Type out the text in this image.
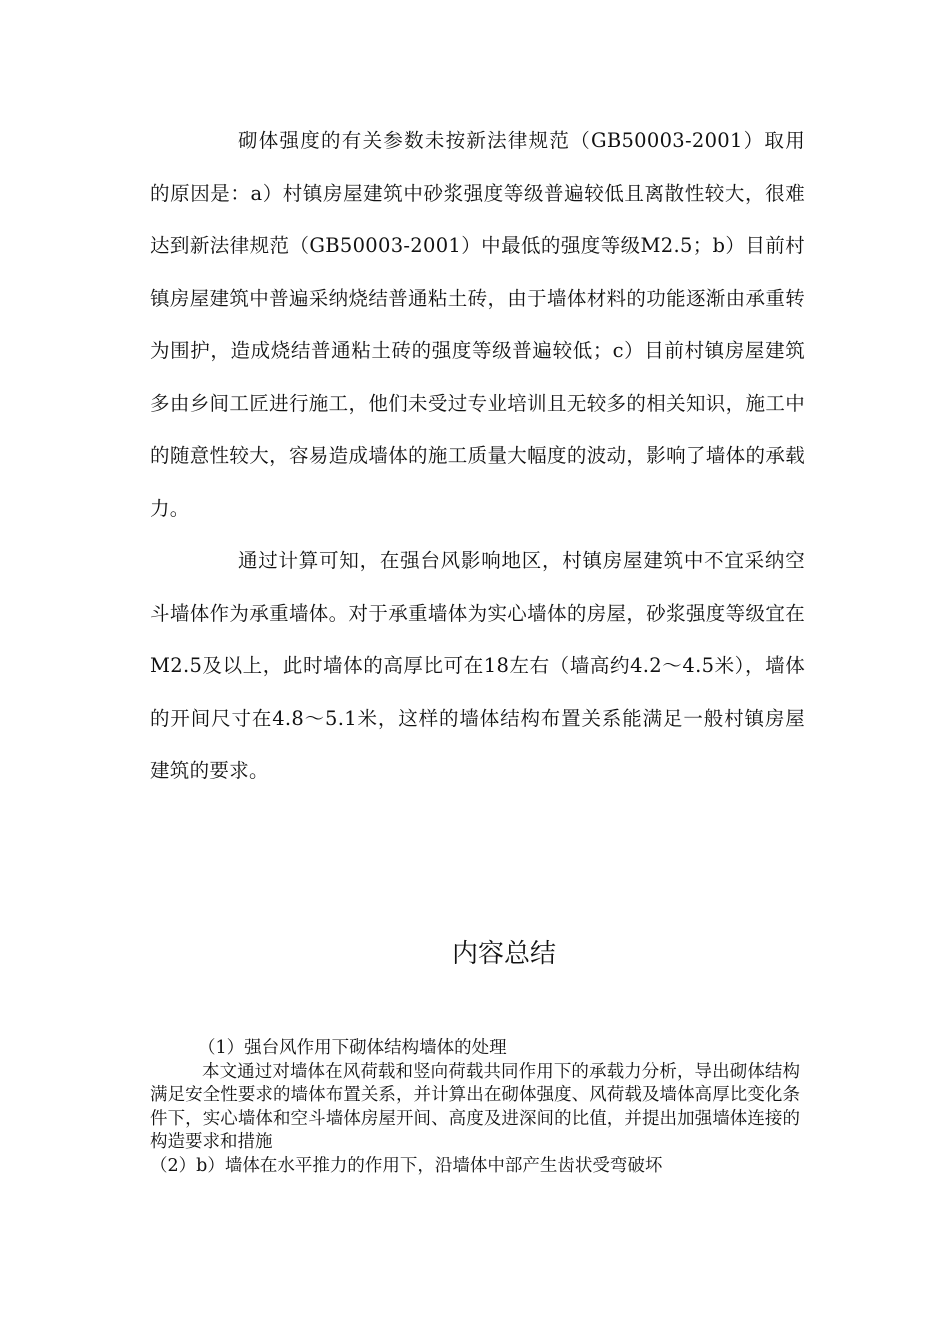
砌体强度的有关参数未按新法律规范（GB50003-2001）取用的原因是：a）村镇房屋建筑中砂浆强度等级普遍较低且离散性较大，很难达到新法律规范（GB50003-2001）中最低的强度等级M2.5；b）目前村镇房屋建筑中普遍采纳烧结普通粘土砖，由于墙体材料的功能逐渐由承重转为围护，造成烧结普通粘土砖的强度等级普遍较低；c）目前村镇房屋建筑多由乡间工匠进行施工，他们未受过专业培训且无较多的相关知识，施工中的随意性较大，容易造成墙体的施工质量大幅度的波动，影响了墙体的承载力。

通过计算可知，在强台风影响地区，村镇房屋建筑中不宜采纳空斗墙体作为承重墙体。对于承重墙体为实心墙体的房屋，砂浆强度等级宜在M2.5及以上，此时墙体的高厚比可在18左右（墙高约4.2～4.5米），墙体的开间尺寸在4.8～5.1米，这样的墙体结构布置关系能满足一般村镇房屋建筑的要求。

内容总结

（1）强台风作用下砌体结构墙体的处理

本文通过对墙体在风荷载和竖向荷载共同作用下的承载力分析，导出砌体结构满足安全性要求的墙体布置关系，并计算出在砌体强度、风荷载及墙体高厚比变化条件下，实心墙体和空斗墙体房屋开间、高度及进深间的比值，并提出加强墙体连接的构造要求和措施

（2）b）墙体在水平推力的作用下，沿墙体中部产生齿状受弯破坏
